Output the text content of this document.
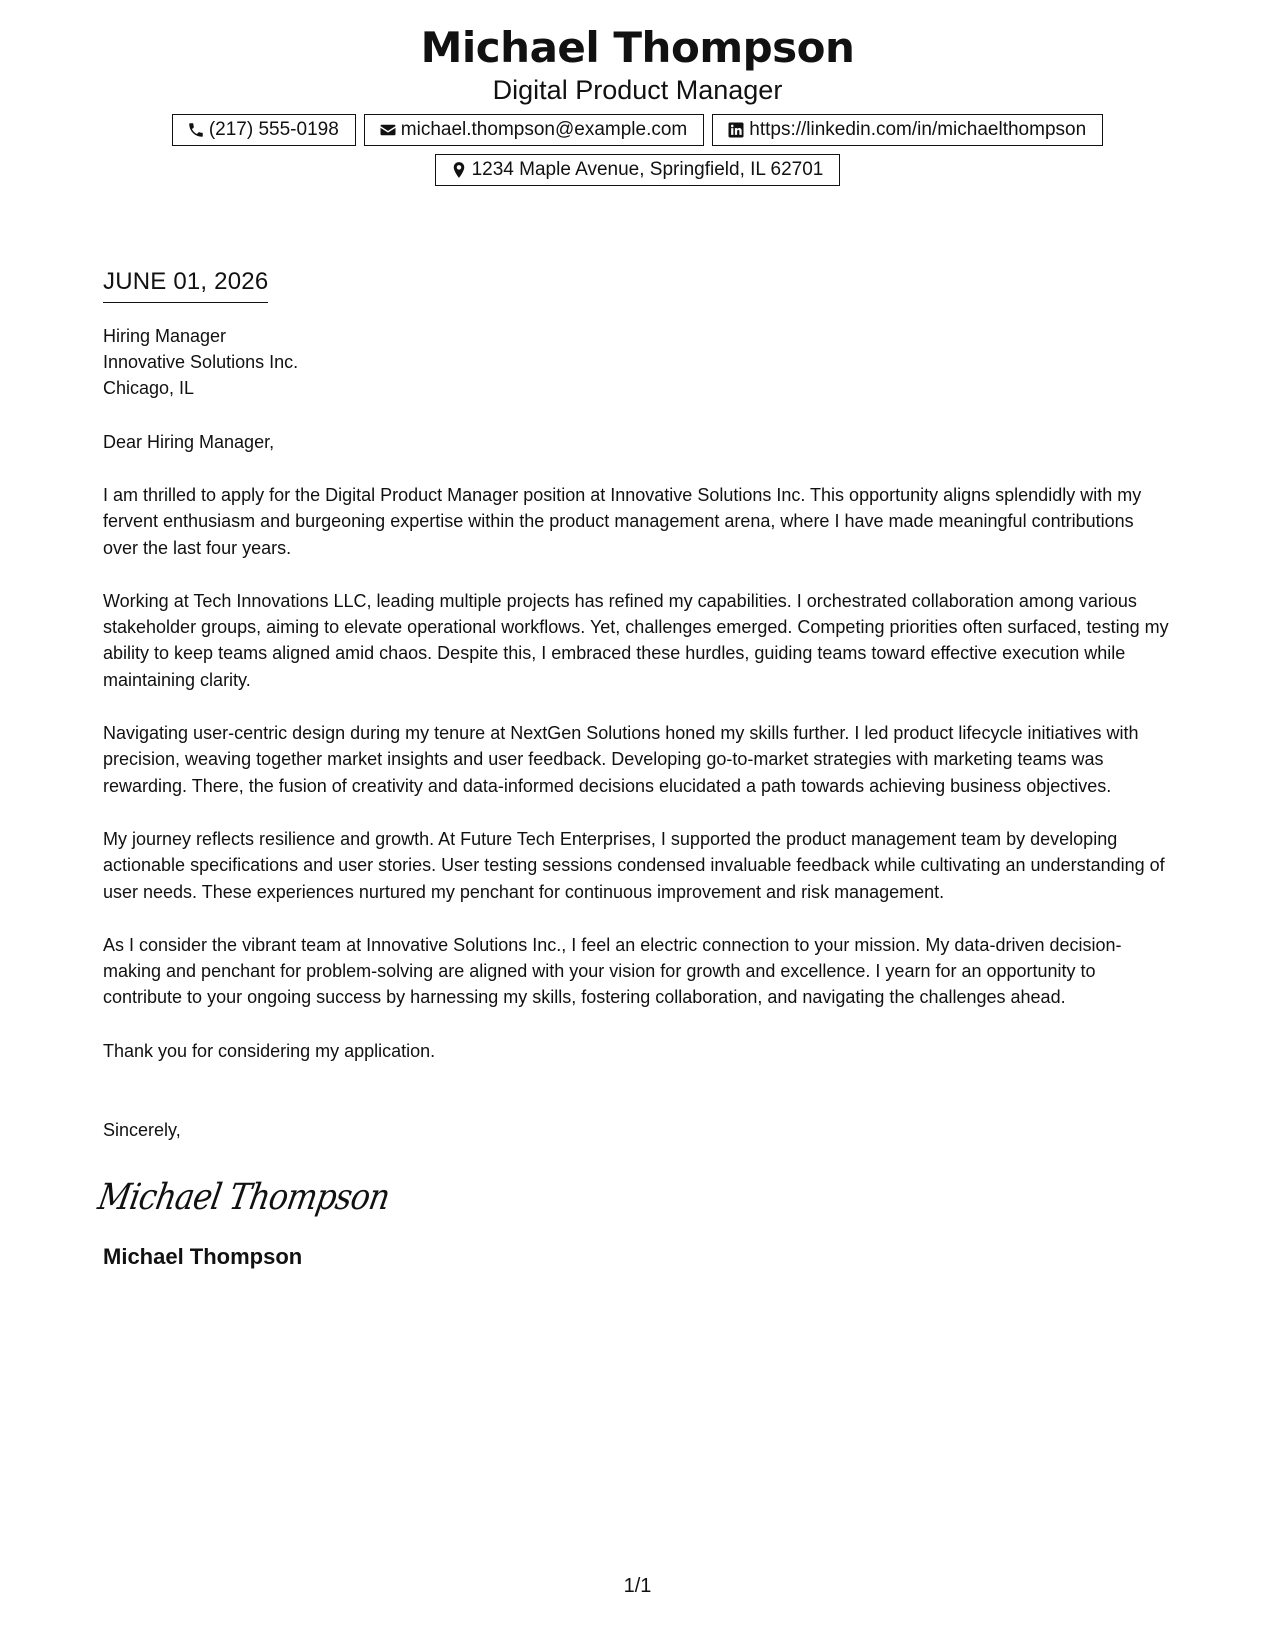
Michael Thompson
Digital Product Manager
(217) 555-0198	michael.thompson@example.com	https://linkedin.com/in/michaelthompson
1234 Maple Avenue, Springfield, IL 62701
JUNE 01, 2026
Hiring Manager
Innovative Solutions Inc.
Chicago, IL
Dear Hiring Manager,
I am thrilled to apply for the Digital Product Manager position at Innovative Solutions Inc. This opportunity aligns splendidly with my fervent enthusiasm and burgeoning expertise within the product management arena, where I have made meaningful contributions over the last four years.
Working at Tech Innovations LLC, leading multiple projects has refined my capabilities. I orchestrated collaboration among various stakeholder groups, aiming to elevate operational workflows. Yet, challenges emerged. Competing priorities often surfaced, testing my ability to keep teams aligned amid chaos. Despite this, I embraced these hurdles, guiding teams toward effective execution while maintaining clarity.
Navigating user-centric design during my tenure at NextGen Solutions honed my skills further. I led product lifecycle initiatives with precision, weaving together market insights and user feedback. Developing go-to-market strategies with marketing teams was rewarding. There, the fusion of creativity and data-informed decisions elucidated a path towards achieving business objectives.
My journey reflects resilience and growth. At Future Tech Enterprises, I supported the product management team by developing actionable specifications and user stories. User testing sessions condensed invaluable feedback while cultivating an understanding of user needs. These experiences nurtured my penchant for continuous improvement and risk management.
As I consider the vibrant team at Innovative Solutions Inc., I feel an electric connection to your mission. My data-driven decision-making and penchant for problem-solving are aligned with your vision for growth and excellence. I yearn for an opportunity to contribute to your ongoing success by harnessing my skills, fostering collaboration, and navigating the challenges ahead.
Thank you for considering my application.
Sincerely,
Michael Thompson
Michael Thompson
1/1
